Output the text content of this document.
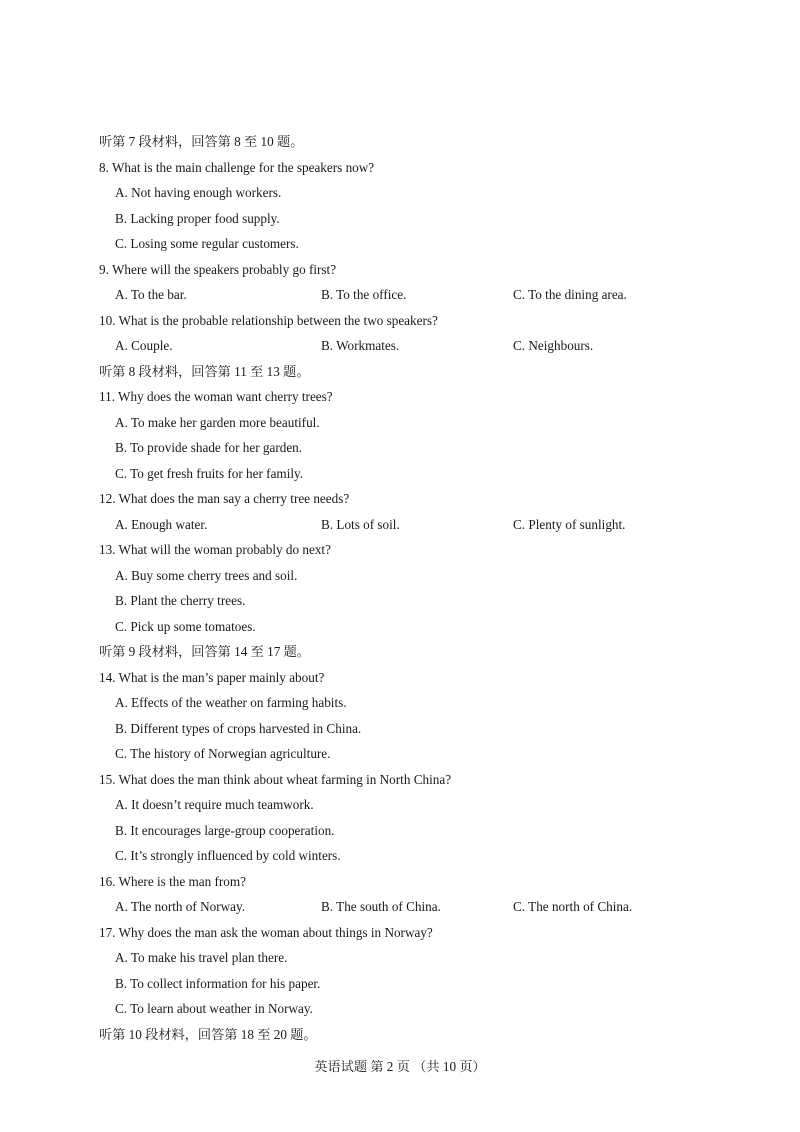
听第 7 段材料，回答第 8 至 10 题。
8. What is the main challenge for the speakers now?
A. Not having enough workers.
B. Lacking proper food supply.
C. Losing some regular customers.
9. Where will the speakers probably go first?
A. To the bar.	B. To the office.	C. To the dining area.
10. What is the probable relationship between the two speakers?
A. Couple.	B. Workmates.	C. Neighbours.
听第 8 段材料，回答第 11 至 13 题。
11. Why does the woman want cherry trees?
A. To make her garden more beautiful.
B. To provide shade for her garden.
C. To get fresh fruits for her family.
12. What does the man say a cherry tree needs?
A. Enough water.	B. Lots of soil.	C. Plenty of sunlight.
13. What will the woman probably do next?
A. Buy some cherry trees and soil.
B. Plant the cherry trees.
C. Pick up some tomatoes.
听第 9 段材料，回答第 14 至 17 题。
14. What is the man’s paper mainly about?
A. Effects of the weather on farming habits.
B. Different types of crops harvested in China.
C. The history of Norwegian agriculture.
15. What does the man think about wheat farming in North China?
A. It doesn’t require much teamwork.
B. It encourages large-group cooperation.
C. It’s strongly influenced by cold winters.
16. Where is the man from?
A. The north of Norway.	B. The south of China.	C. The north of China.
17. Why does the man ask the woman about things in Norway?
A. To make his travel plan there.
B. To collect information for his paper.
C. To learn about weather in Norway.
听第 10 段材料，回答第 18 至 20 题。
英语试题 第 2 页 （共 10 页）
